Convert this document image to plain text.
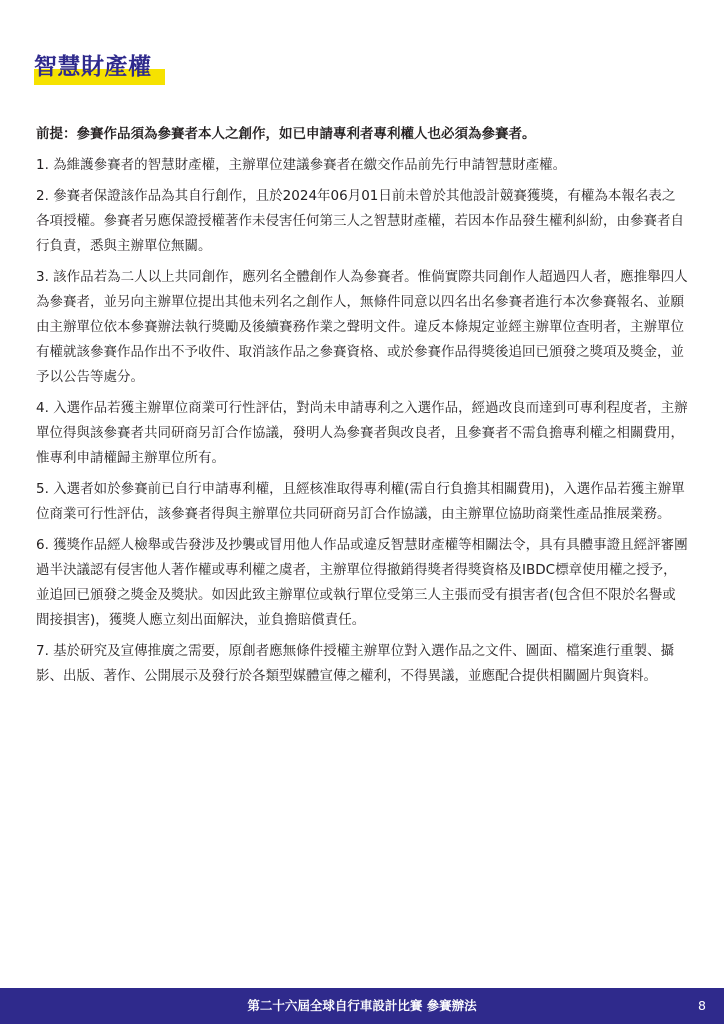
智慧財產權

前提：參賽作品須為參賽者本人之創作，如已申請專利者專利權人也必須為參賽者。

1. 為維護參賽者的智慧財產權，主辦單位建議參賽者在繳交作品前先行申請智慧財產權。

2. 參賽者保證該作品為其自行創作，且於2024年06月01日前未曾於其他設計競賽獲獎，有權為本報名表之各項授權。參賽者另應保證授權著作未侵害任何第三人之智慧財產權，若因本作品發生權利糾紛，由參賽者自行負責，悉與主辦單位無關。

3. 該作品若為二人以上共同創作，應列名全體創作人為參賽者。惟倘實際共同創作人超過四人者，應推舉四人為參賽者，並另向主辦單位提出其他未列名之創作人，無條件同意以四名出名參賽者進行本次參賽報名、並願由主辦單位依本參賽辦法執行獎勵及後續賽務作業之聲明文件。違反本條規定並經主辦單位查明者，主辦單位有權就該參賽作品作出不予收件、取消該作品之參賽資格、或於參賽作品得獎後追回已頒發之獎項及獎金，並予以公告等處分。

4. 入選作品若獲主辦單位商業可行性評估，對尚未申請專利之入選作品，經過改良而達到可專利程度者，主辦單位得與該參賽者共同研商另訂合作協議，發明人為參賽者與改良者，且參賽者不需負擔專利權之相關費用，惟專利申請權歸主辦單位所有。

5. 入選者如於參賽前已自行申請專利權，且經核准取得專利權(需自行負擔其相關費用)，入選作品若獲主辦單位商業可行性評估，該參賽者得與主辦單位共同研商另訂合作協議，由主辦單位協助商業性產品推展業務。

6. 獲獎作品經人檢舉或告發涉及抄襲或冒用他人作品或違反智慧財產權等相關法令，具有具體事證且經評審團過半決議認有侵害他人著作權或專利權之虞者，主辦單位得撤銷得獎者得獎資格及IBDC標章使用權之授予，並追回已頒發之獎金及獎狀。如因此致主辦單位或執行單位受第三人主張而受有損害者(包含但不限於名譽或間接損害)，獲獎人應立刻出面解決，並負擔賠償責任。

7. 基於研究及宣傳推廣之需要，原創者應無條件授權主辦單位對入選作品之文件、圖面、檔案進行重製、攝影、出版、著作、公開展示及發行於各類型媒體宣傳之權利，不得異議，並應配合提供相關圖片與資料。

第二十六屆全球自行車設計比賽 參賽辦法	8
